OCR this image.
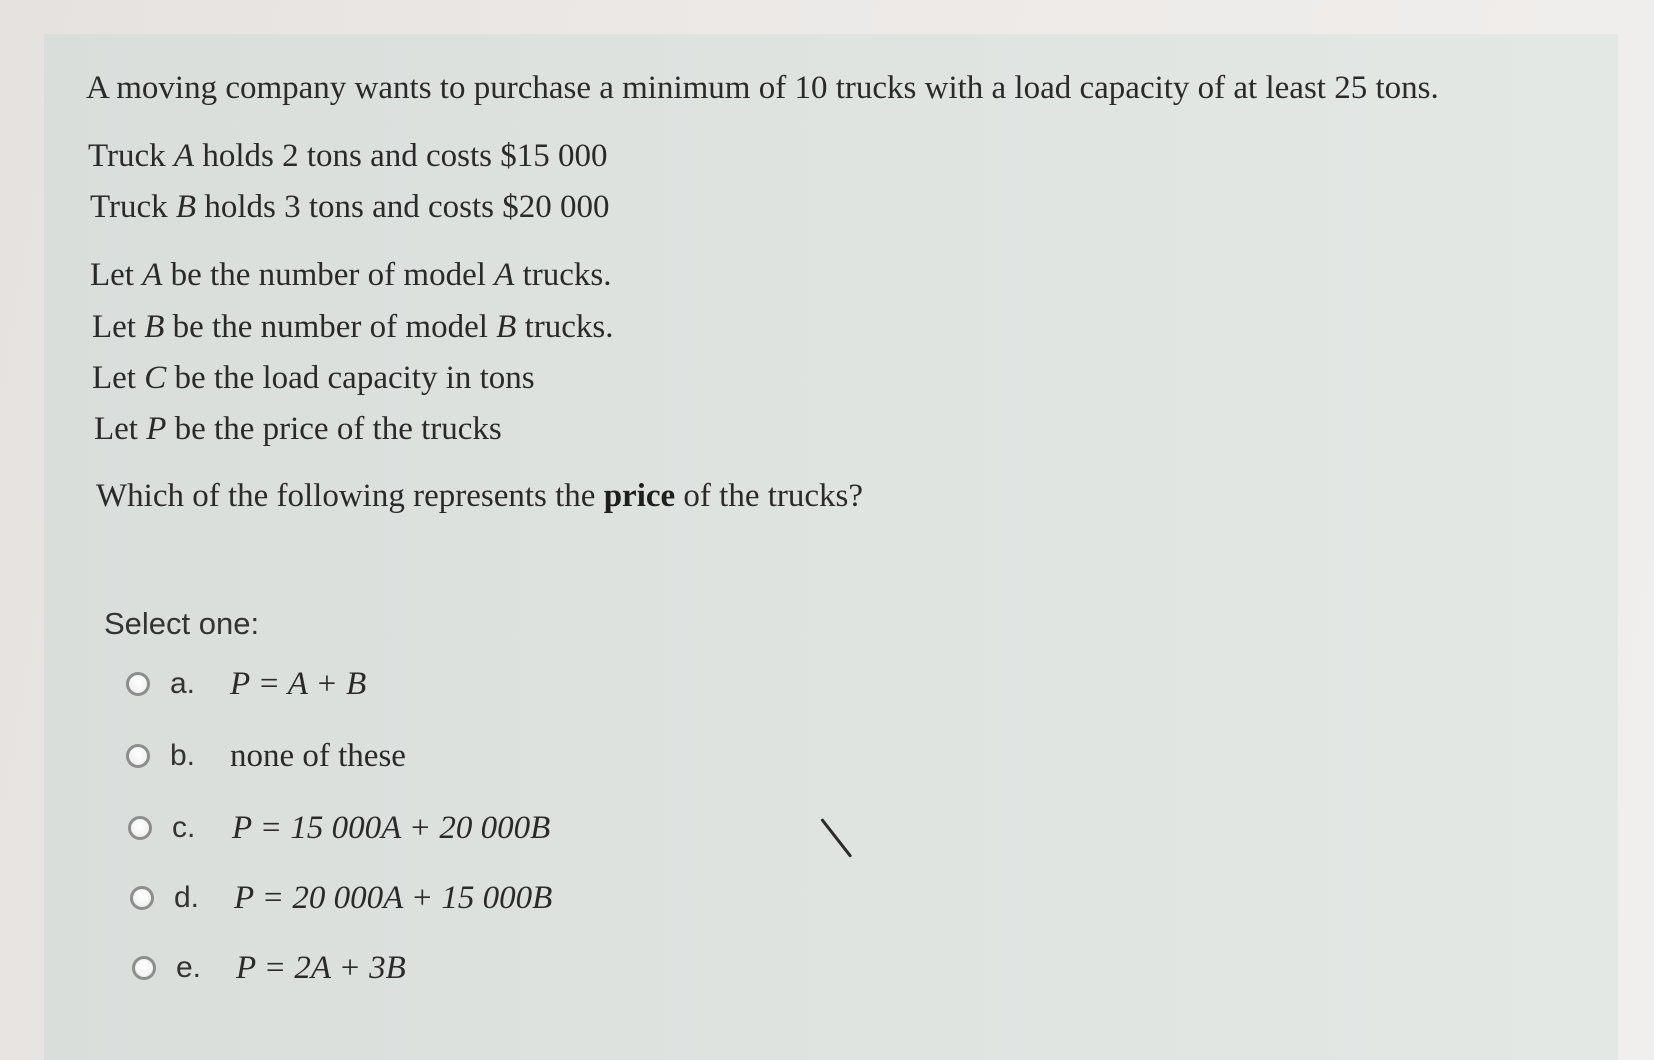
A moving company wants to purchase a minimum of 10 trucks with a load capacity of at least 25 tons.
Truck A holds 2 tons and costs $15 000
Truck B holds 3 tons and costs $20 000
Let A be the number of model A trucks.
Let B be the number of model B trucks.
Let C be the load capacity in tons
Let P be the price of the trucks
Which of the following represents the price of the trucks?
Select one:
a.	P = A + B
b.	none of these
c.	P = 15 000A + 20 000B
d.	P = 20 000A + 15 000B
e.	P = 2A + 3B
